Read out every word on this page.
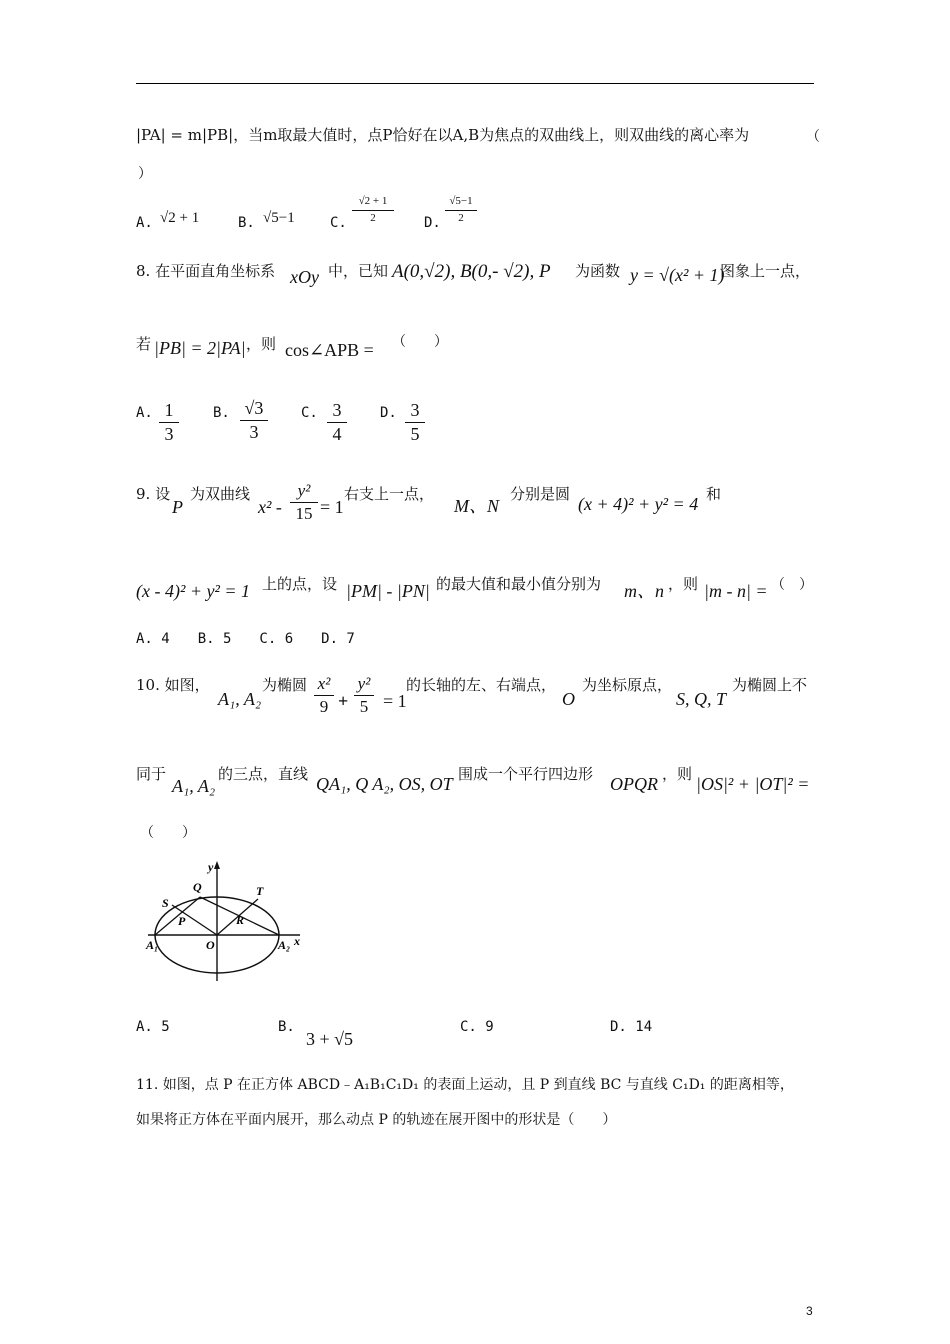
|PA| = m|PB|，当m取最大值时，点P恰好在以A,B为焦点的双曲线上，则双曲线的离心率为	（
）
A. √2 + 1	B. √5−1	C.
√2 + 1
2	D.
√5−1
2
8. 在平面直角坐标系 xOy 中，已知 A(0,√2), B(0,- √2), P 为函数 y = √(x² + 1)
图象上一点，
若 |PB| = 2|PA| ，则 cos∠APB = （　　）
A. 1
3
B. √3
3
C. 3
4
D. 3
5
9. 设
P
为双曲线
x² -
y²
15 = 1
右支上一点，
M、N
分别是圆 (x + 4)² + y² = 4 和
(x - 4)² + y² = 1 上的点，设 |PM| - |PN| 的最大值和最小值分别为 m、n ，则 |m - n| = （　）
A. 4　　B. 5　　C. 6　　D. 7
10. 如图，
A₁, A₂
为椭圆 x²
9 +
y²
5 = 1
的长轴的左、右端点，
O
为坐标原点，
S, Q, T
为椭圆上不
同于
A₁, A₂
的三点，直线 QA₁, Q A₂, OS, OT 围成一个平行四边形 OPQR ，则 |OS|² + |OT|² =
（　　）
y
Q	T
S
P	R
A₁	O	A₂ x
A. 5	B.
3 + √5
C. 9	D. 14
11. 如图，点 P 在正方体 ABCD﹣A₁B₁C₁D₁ 的表面上运动，且 P 到直线 BC 与直线 C₁D₁ 的距离相等，
如果将正方体在平面内展开，那么动点 P 的轨迹在展开图中的形状是（　　）
3
